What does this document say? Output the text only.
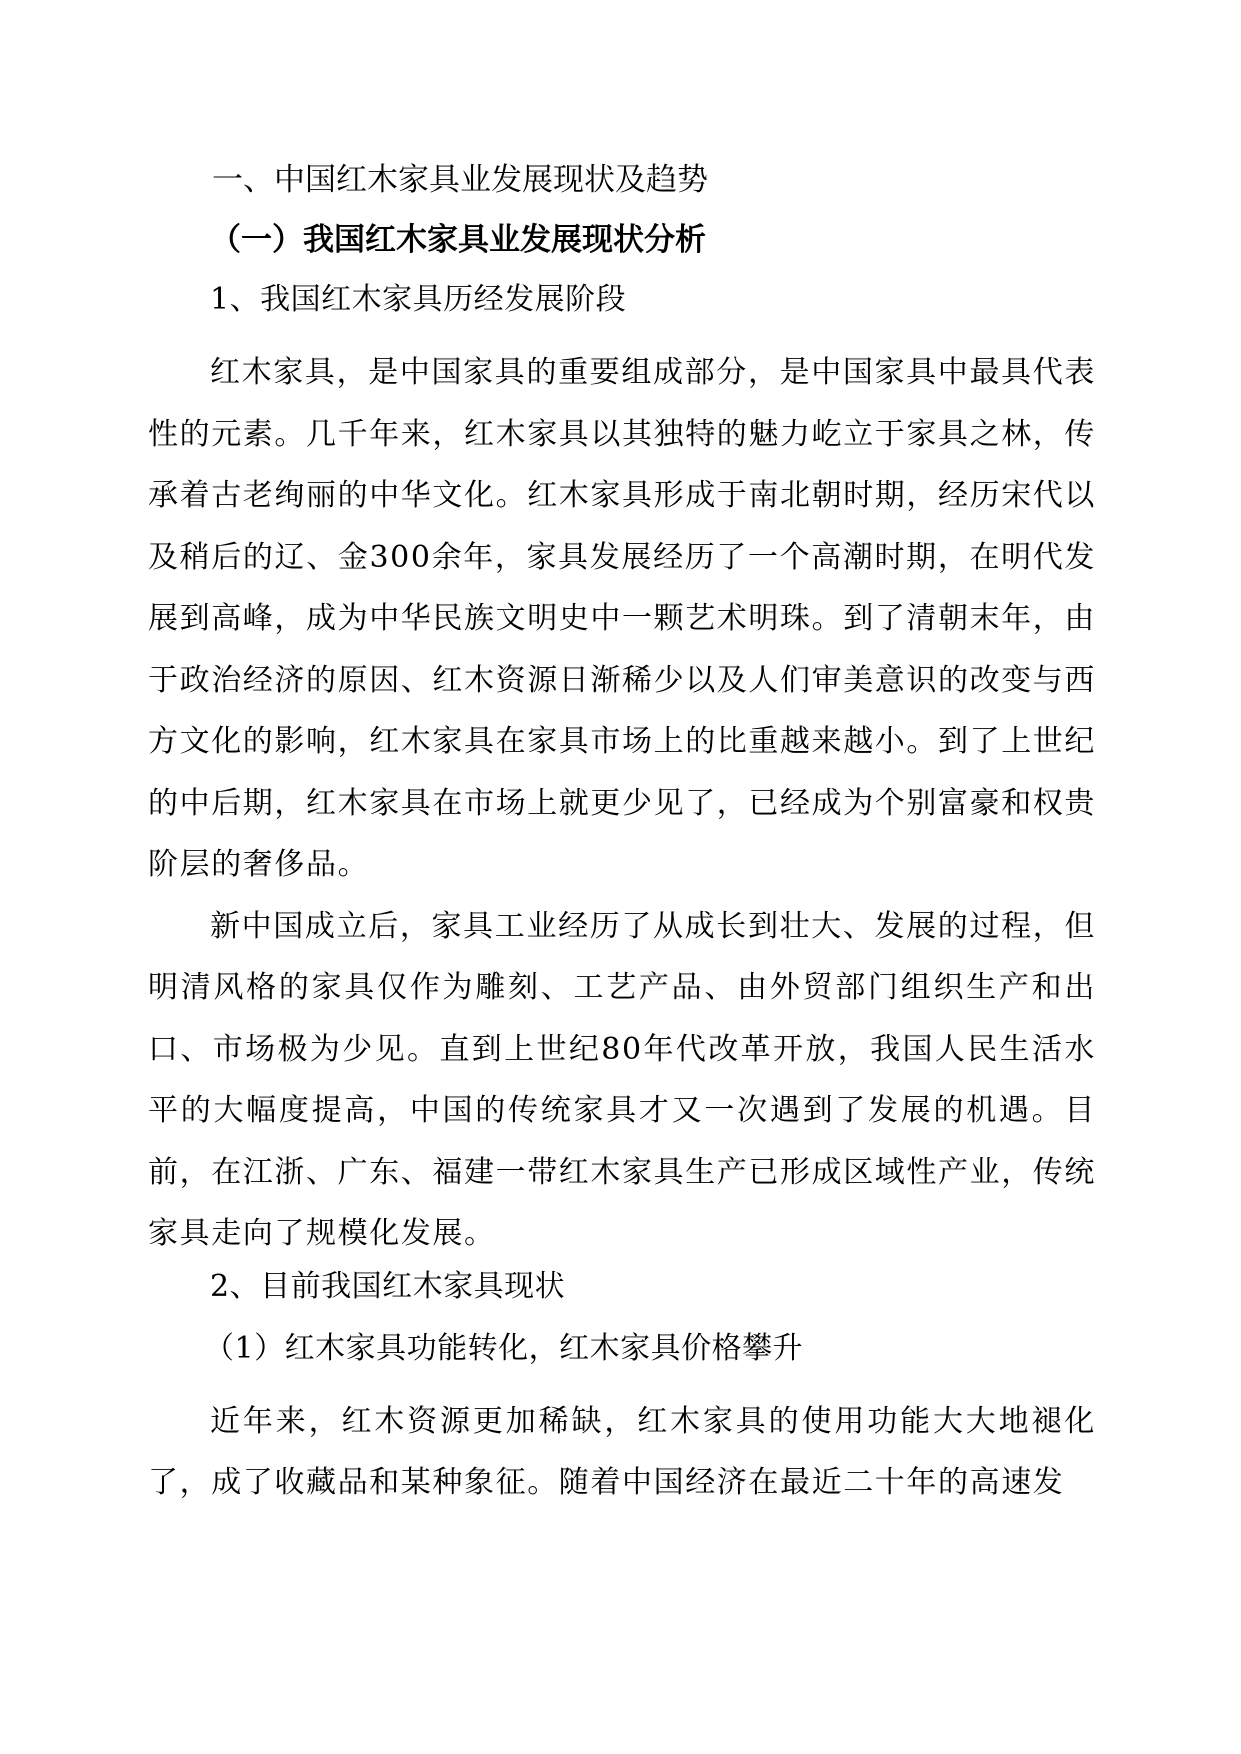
一、中国红木家具业发展现状及趋势
（一）我国红木家具业发展现状分析
1、我国红木家具历经发展阶段

红木家具，是中国家具的重要组成部分，是中国家具中最具代表性的元素。几千年来，红木家具以其独特的魅力屹立于家具之林，传承着古老绚丽的中华文化。红木家具形成于南北朝时期，经历宋代以及稍后的辽、金300余年，家具发展经历了一个高潮时期，在明代发展到高峰，成为中华民族文明史中一颗艺术明珠。到了清朝末年，由于政治经济的原因、红木资源日渐稀少以及人们审美意识的改变与西方文化的影响，红木家具在家具市场上的比重越来越小。到了上世纪的中后期，红木家具在市场上就更少见了，已经成为个别富豪和权贵阶层的奢侈品。

新中国成立后，家具工业经历了从成长到壮大、发展的过程，但明清风格的家具仅作为雕刻、工艺产品、由外贸部门组织生产和出口、市场极为少见。直到上世纪80年代改革开放，我国人民生活水平的大幅度提高，中国的传统家具才又一次遇到了发展的机遇。目前，在江浙、广东、福建一带红木家具生产已形成区域性产业，传统家具走向了规模化发展。

2、目前我国红木家具现状
（1）红木家具功能转化，红木家具价格攀升

近年来，红木资源更加稀缺，红木家具的使用功能大大地褪化了，成了收藏品和某种象征。随着中国经济在最近二十年的高速发
